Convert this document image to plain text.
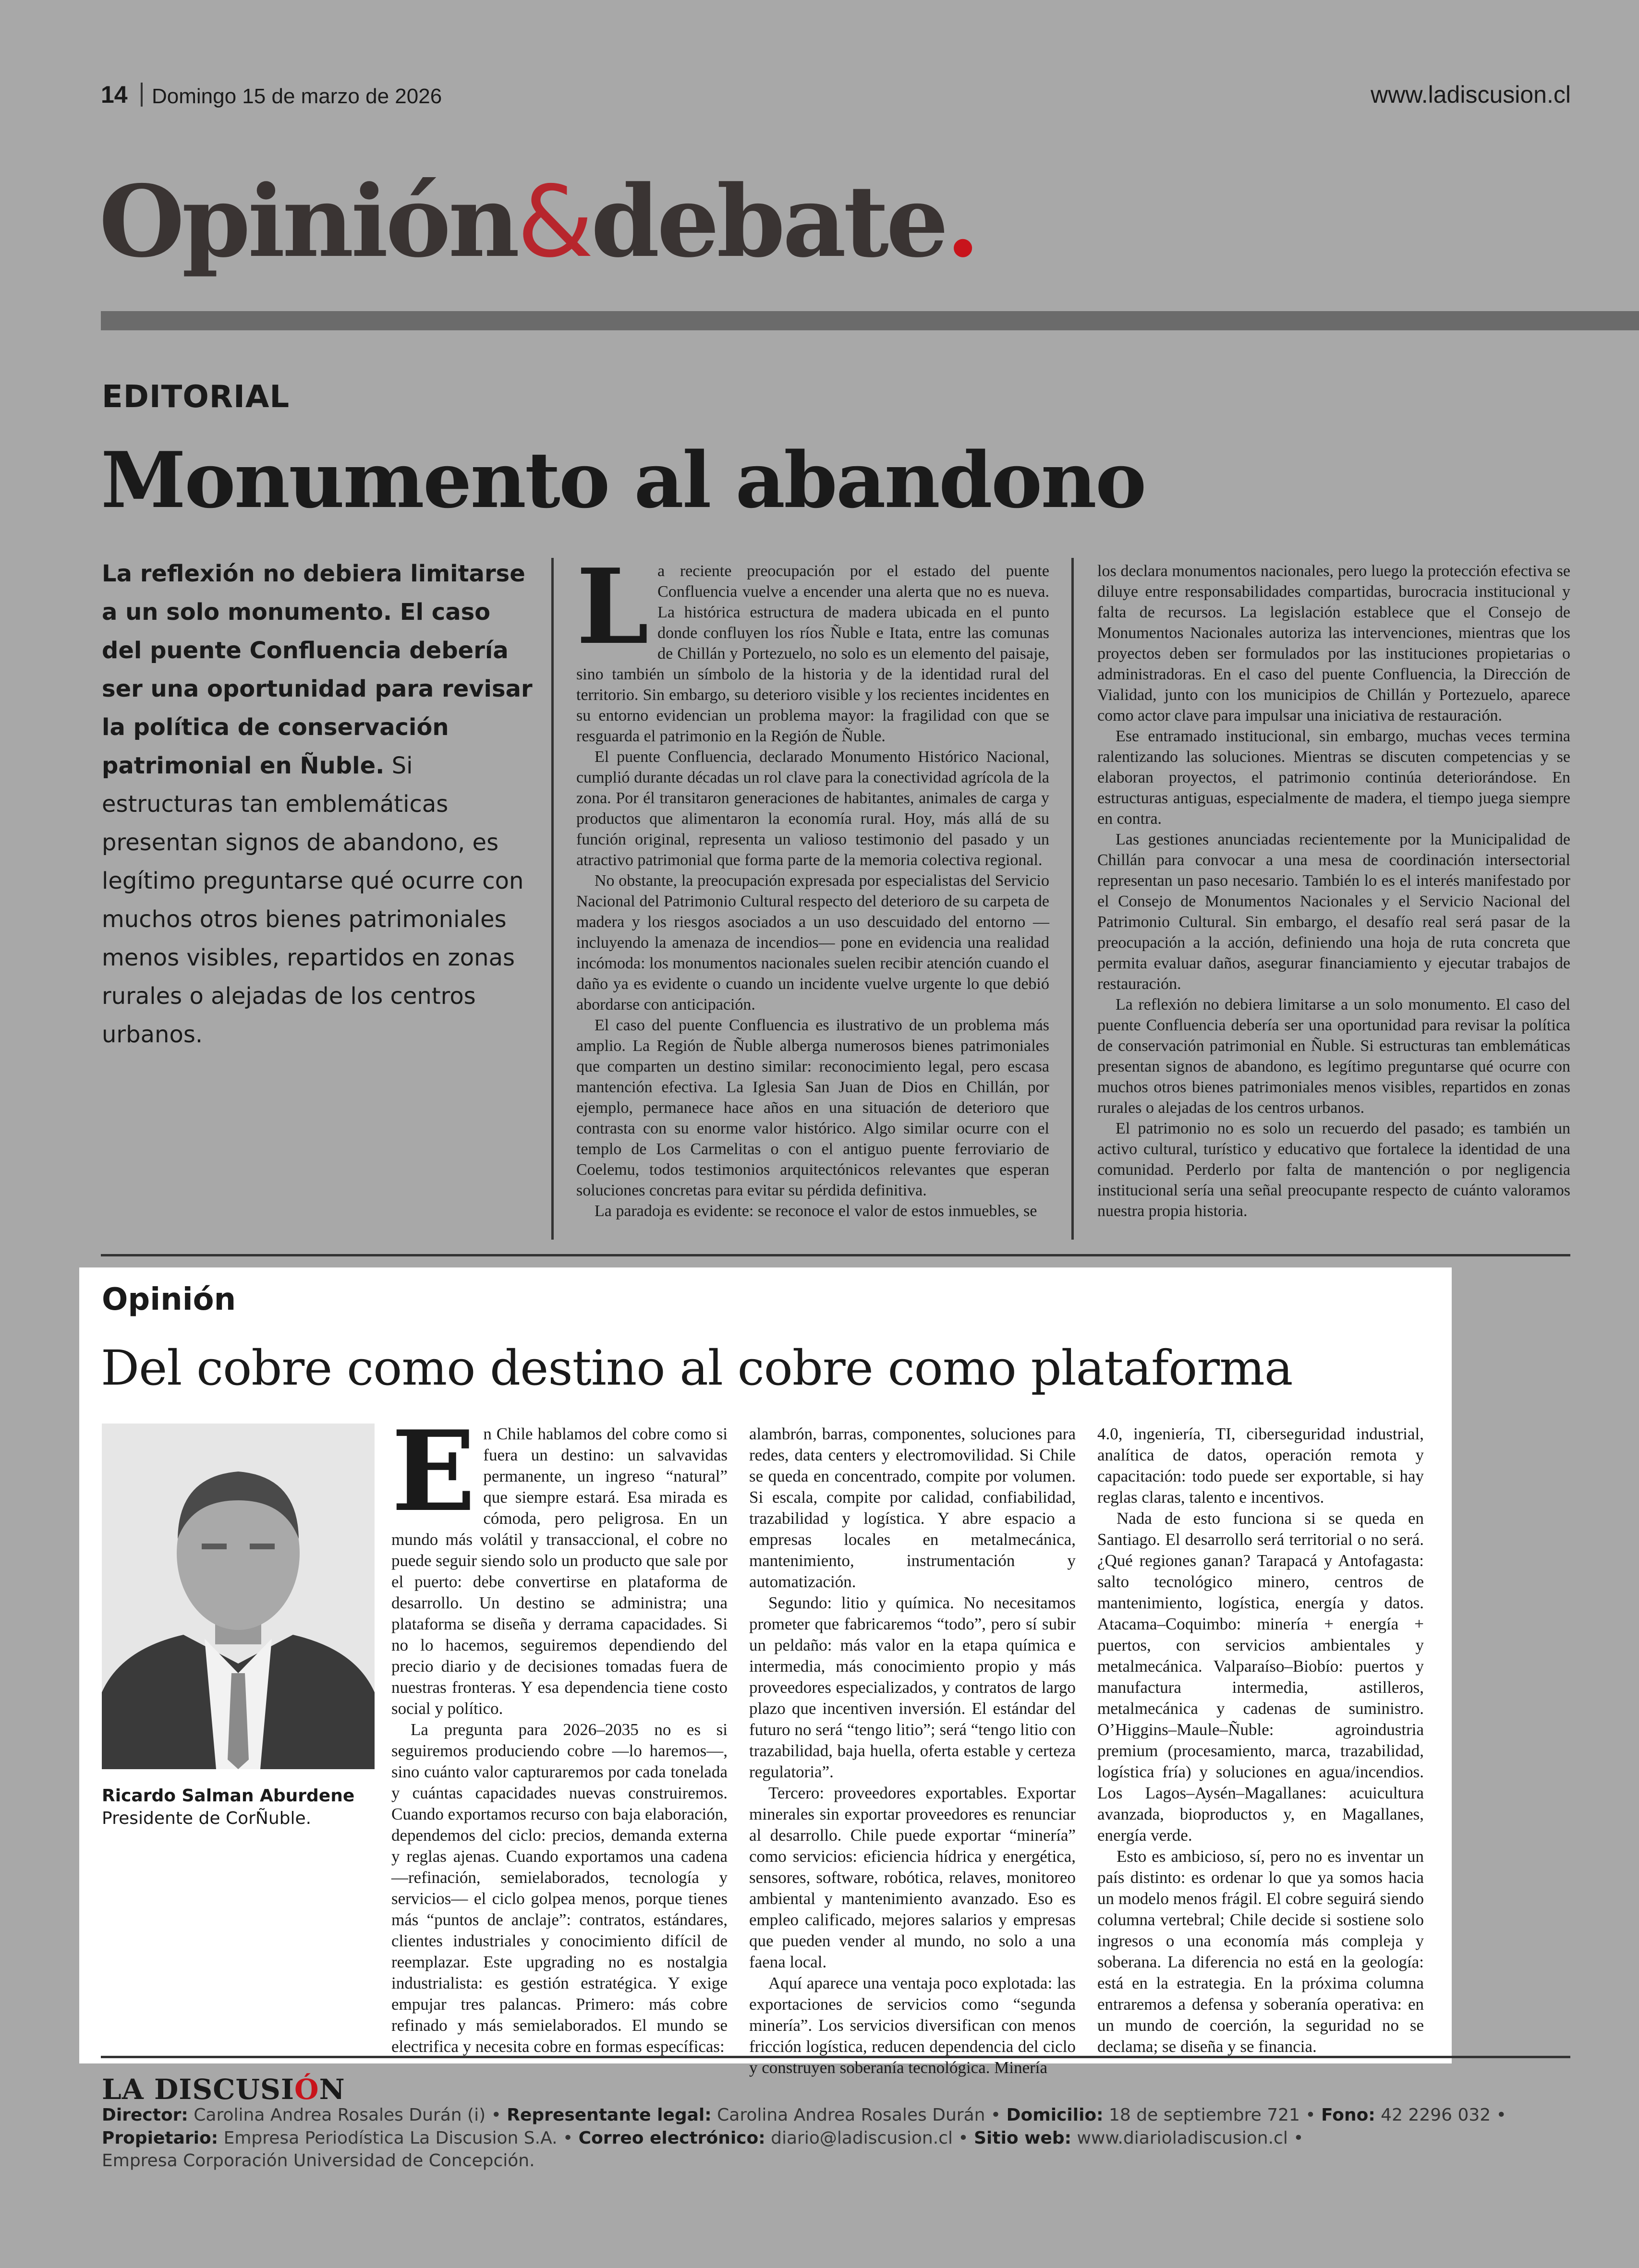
14 Domingo 15 de marzo de 2026	www.ladiscusion.cl
Opinión&debate.
EDITORIAL
Monumento al abandono
La reflexión no debiera limitarse a un solo monumento. El caso del puente Confluencia debería ser una oportunidad para revisar la política de conservación patrimonial en Ñuble. Si estructuras tan emblemáticas presentan signos de abandono, es legítimo preguntarse qué ocurre con muchos otros bienes patrimoniales menos visibles, repartidos en zonas rurales o alejadas de los centros urbanos.

La reciente preocupación por el estado del puente Confluencia vuelve a encender una alerta que no es nueva. La histórica estructura de madera ubicada en el punto donde confluyen los ríos Ñuble e Itata, entre las comunas de Chillán y Portezuelo, no solo es un elemento del paisaje, sino también un símbolo de la historia y de la identidad rural del territorio. Sin embargo, su deterioro visible y los recientes incidentes en su entorno evidencian un problema mayor: la fragilidad con que se resguarda el patrimonio en la Región de Ñuble.

El puente Confluencia, declarado Monumento Histórico Nacional, cumplió durante décadas un rol clave para la conectividad agrícola de la zona. Por él transitaron generaciones de habitantes, animales de carga y productos que alimentaron la economía rural. Hoy, más allá de su función original, representa un valioso testimonio del pasado y un atractivo patrimonial que forma parte de la memoria colectiva regional.

No obstante, la preocupación expresada por especialistas del Servicio Nacional del Patrimonio Cultural respecto del deterioro de su carpeta de madera y los riesgos asociados a un uso descuidado del entorno —incluyendo la amenaza de incendios— pone en evidencia una realidad incómoda: los monumentos nacionales suelen recibir atención cuando el daño ya es evidente o cuando un incidente vuelve urgente lo que debió abordarse con anticipación.

El caso del puente Confluencia es ilustrativo de un problema más amplio. La Región de Ñuble alberga numerosos bienes patrimoniales que comparten un destino similar: reconocimiento legal, pero escasa mantención efectiva. La Iglesia San Juan de Dios en Chillán, por ejemplo, permanece hace años en una situación de deterioro que contrasta con su enorme valor histórico. Algo similar ocurre con el templo de Los Carmelitas o con el antiguo puente ferroviario de Coelemu, todos testimonios arquitectónicos relevantes que esperan soluciones concretas para evitar su pérdida definitiva.

La paradoja es evidente: se reconoce el valor de estos inmuebles, se

los declara monumentos nacionales, pero luego la protección efectiva se diluye entre responsabilidades compartidas, burocracia institucional y falta de recursos. La legislación establece que el Consejo de Monumentos Nacionales autoriza las intervenciones, mientras que los proyectos deben ser formulados por las instituciones propietarias o administradoras. En el caso del puente Confluencia, la Dirección de Vialidad, junto con los municipios de Chillán y Portezuelo, aparece como actor clave para impulsar una iniciativa de restauración.

Ese entramado institucional, sin embargo, muchas veces termina ralentizando las soluciones. Mientras se discuten competencias y se elaboran proyectos, el patrimonio continúa deteriorándose. En estructuras antiguas, especialmente de madera, el tiempo juega siempre en contra.

Las gestiones anunciadas recientemente por la Municipalidad de Chillán para convocar a una mesa de coordinación intersectorial representan un paso necesario. También lo es el interés manifestado por el Consejo de Monumentos Nacionales y el Servicio Nacional del Patrimonio Cultural. Sin embargo, el desafío real será pasar de la preocupación a la acción, definiendo una hoja de ruta concreta que permita evaluar daños, asegurar financiamiento y ejecutar trabajos de restauración.

La reflexión no debiera limitarse a un solo monumento. El caso del puente Confluencia debería ser una oportunidad para revisar la política de conservación patrimonial en Ñuble. Si estructuras tan emblemáticas presentan signos de abandono, es legítimo preguntarse qué ocurre con muchos otros bienes patrimoniales menos visibles, repartidos en zonas rurales o alejadas de los centros urbanos.

El patrimonio no es solo un recuerdo del pasado; es también un activo cultural, turístico y educativo que fortalece la identidad de una comunidad. Perderlo por falta de mantención o por negligencia institucional sería una señal preocupante respecto de cuánto valoramos nuestra propia historia.

Opinión
Del cobre como destino al cobre como plataforma
Ricardo Salman Aburdene
Presidente de CorÑuble.

En Chile hablamos del cobre como si fuera un destino: un salvavidas permanente, un ingreso “natural” que siempre estará. Esa mirada es cómoda, pero peligrosa. En un mundo más volátil y transaccional, el cobre no puede seguir siendo solo un producto que sale por el puerto: debe convertirse en plataforma de desarrollo. Un destino se administra; una plataforma se diseña y derrama capacidades. Si no lo hacemos, seguiremos dependiendo del precio diario y de decisiones tomadas fuera de nuestras fronteras. Y esa dependencia tiene costo social y político.

La pregunta para 2026–2035 no es si seguiremos produciendo cobre —lo haremos—, sino cuánto valor capturaremos por cada tonelada y cuántas capacidades nuevas construiremos. Cuando exportamos recurso con baja elaboración, dependemos del ciclo: precios, demanda externa y reglas ajenas. Cuando exportamos una cadena —refinación, semielaborados, tecnología y servicios— el ciclo golpea menos, porque tienes más “puntos de anclaje”: contratos, estándares, clientes industriales y conocimiento difícil de reemplazar. Este upgrading no es nostalgia industrialista: es gestión estratégica. Y exige empujar tres palancas. Primero: más cobre refinado y más semielaborados. El mundo se electrifica y necesita cobre en formas específicas:

alambrón, barras, componentes, soluciones para redes, data centers y electromovilidad. Si Chile se queda en concentrado, compite por volumen. Si escala, compite por calidad, confiabilidad, trazabilidad y logística. Y abre espacio a empresas locales en metalmecánica, mantenimiento, instrumentación y automatización.

Segundo: litio y química. No necesitamos prometer que fabricaremos “todo”, pero sí subir un peldaño: más valor en la etapa química e intermedia, más conocimiento propio y más proveedores especializados, y contratos de largo plazo que incentiven inversión. El estándar del futuro no será “tengo litio”; será “tengo litio con trazabilidad, baja huella, oferta estable y certeza regulatoria”.

Tercero: proveedores exportables. Exportar minerales sin exportar proveedores es renunciar al desarrollo. Chile puede exportar “minería” como servicios: eficiencia hídrica y energética, sensores, software, robótica, relaves, monitoreo ambiental y mantenimiento avanzado. Eso es empleo calificado, mejores salarios y empresas que pueden vender al mundo, no solo a una faena local.

Aquí aparece una ventaja poco explotada: las exportaciones de servicios como “segunda minería”. Los servicios diversifican con menos fricción logística, reducen dependencia del ciclo y construyen soberanía tecnológica. Minería

4.0, ingeniería, TI, ciberseguridad industrial, analítica de datos, operación remota y capacitación: todo puede ser exportable, si hay reglas claras, talento e incentivos.

Nada de esto funciona si se queda en Santiago. El desarrollo será territorial o no será. ¿Qué regiones ganan? Tarapacá y Antofagasta: salto tecnológico minero, centros de mantenimiento, logística, energía y datos. Atacama–Coquimbo: minería + energía + puertos, con servicios ambientales y metalmecánica. Valparaíso–Biobío: puertos y manufactura intermedia, astilleros, metalmecánica y cadenas de suministro. O’Higgins–Maule–Ñuble: agroindustria premium (procesamiento, marca, trazabilidad, logística fría) y soluciones en agua/incendios. Los Lagos–Aysén–Magallanes: acuicultura avanzada, bioproductos y, en Magallanes, energía verde.

Esto es ambicioso, sí, pero no es inventar un país distinto: es ordenar lo que ya somos hacia un modelo menos frágil. El cobre seguirá siendo columna vertebral; Chile decide si sostiene solo ingresos o una economía más compleja y soberana. La diferencia no está en la geología: está en la estrategia. En la próxima columna entraremos a defensa y soberanía operativa: en un mundo de coerción, la seguridad no se declama; se diseña y se financia.

LA DISCUSIÓN
Director: Carolina Andrea Rosales Durán (i) • Representante legal: Carolina Andrea Rosales Durán • Domicilio: 18 de septiembre 721 • Fono: 42 2296 032 •
Propietario: Empresa Periodística La Discusion S.A. • Correo electrónico: diario@ladiscusion.cl • Sitio web: www.diarioladiscusion.cl •
Empresa Corporación Universidad de Concepción.
